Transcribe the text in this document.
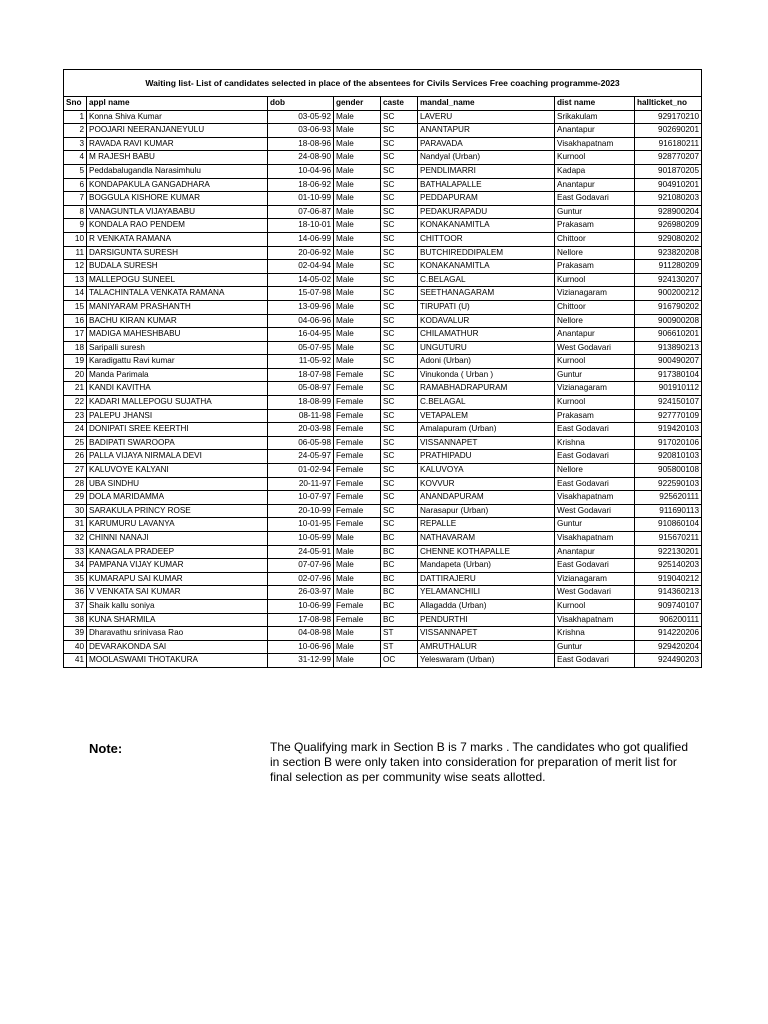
Waiting list- List of candidates selected in place of the absentees for Civils Services Free coaching programme-2023							
Sno	appl name	dob	gender	caste	mandal_name	dist name	hallticket_no
1	Konna Shiva Kumar	03-05-92	Male	SC	LAVERU	Srikakulam	929170210
2	POOJARI NEERANJANEYULU	03-06-93	Male	SC	ANANTAPUR	Anantapur	902690201
3	RAVADA RAVI KUMAR	18-08-96	Male	SC	PARAVADA	Visakhapatnam	916180211
4	M RAJESH BABU	24-08-90	Male	SC	Nandyal (Urban)	Kurnool	928770207
5	Peddabalugandla Narasimhulu	10-04-96	Male	SC	PENDLIMARRI	Kadapa	901870205
6	KONDAPAKULA GANGADHARA	18-06-92	Male	SC	BATHALAPALLE	Anantapur	904910201
7	BOGGULA KISHORE KUMAR	01-10-99	Male	SC	PEDDAPURAM	East Godavari	921080203
8	VANAGUNTLA VIJAYABABU	07-06-87	Male	SC	PEDAKURAPADU	Guntur	928900204
9	KONDALA RAO PENDEM	18-10-01	Male	SC	KONAKANAMITLA	Prakasam	926980209
10	R VENKATA RAMANA	14-06-99	Male	SC	CHITTOOR	Chittoor	929080202
11	DARSIGUNTA SURESH	20-06-92	Male	SC	BUTCHIREDDIPALEM	Nellore	923820208
12	BUDALA SURESH	02-04-94	Male	SC	KONAKANAMITLA	Prakasam	911280209
13	MALLEPOGU SUNEEL	14-05-02	Male	SC	C.BELAGAL	Kurnool	924130207
14	TALACHINTALA VENKATA RAMANA	15-07-98	Male	SC	SEETHANAGARAM	Vizianagaram	900200212
15	MANIYARAM PRASHANTH	13-09-96	Male	SC	TIRUPATI (U)	Chittoor	916790202
16	BACHU KIRAN KUMAR	04-06-96	Male	SC	KODAVALUR	Nellore	900900208
17	MADIGA MAHESHBABU	16-04-95	Male	SC	CHILAMATHUR	Anantapur	906610201
18	Saripalli suresh	05-07-95	Male	SC	UNGUTURU	West Godavari	913890213
19	Karadigattu Ravi kumar	11-05-92	Male	SC	Adoni (Urban)	Kurnool	900490207
20	Manda Parimala	18-07-98	Female	SC	Vinukonda ( Urban )	Guntur	917380104
21	KANDI KAVITHA	05-08-97	Female	SC	RAMABHADRAPURAM	Vizianagaram	901910112
22	KADARI MALLEPOGU SUJATHA	18-08-99	Female	SC	C.BELAGAL	Kurnool	924150107
23	PALEPU JHANSI	08-11-98	Female	SC	VETAPALEM	Prakasam	927770109
24	DONIPATI SREE KEERTHI	20-03-98	Female	SC	Amalapuram (Urban)	East Godavari	919420103
25	BADIPATI SWAROOPA	06-05-98	Female	SC	VISSANNAPET	Krishna	917020106
26	PALLA VIJAYA NIRMALA DEVI	24-05-97	Female	SC	PRATHIPADU	East Godavari	920810103
27	KALUVOYE KALYANI	01-02-94	Female	SC	KALUVOYA	Nellore	905800108
28	UBA SINDHU	20-11-97	Female	SC	KOVVUR	East Godavari	922590103
29	DOLA MARIDAMMA	10-07-97	Female	SC	ANANDAPURAM	Visakhapatnam	925620111
30	SARAKULA PRINCY ROSE	20-10-99	Female	SC	Narasapur (Urban)	West Godavari	911690113
31	KARUMURU LAVANYA	10-01-95	Female	SC	REPALLE	Guntur	910860104
32	CHINNI NANAJI	10-05-99	Male	BC	NATHAVARAM	Visakhapatnam	915670211
33	KANAGALA PRADEEP	24-05-91	Male	BC	CHENNE KOTHAPALLE	Anantapur	922130201
34	PAMPANA VIJAY KUMAR	07-07-96	Male	BC	Mandapeta (Urban)	East Godavari	925140203
35	KUMARAPU SAI KUMAR	02-07-96	Male	BC	DATTIRAJERU	Vizianagaram	919040212
36	V VENKATA SAI KUMAR	26-03-97	Male	BC	YELAMANCHILI	West Godavari	914360213
37	Shaik kallu soniya	10-06-99	Female	BC	Allagadda (Urban)	Kurnool	909740107
38	KUNA SHARMILA	17-08-98	Female	BC	PENDURTHI	Visakhapatnam	906200111
39	Dharavathu srinivasa Rao	04-08-98	Male	ST	VISSANNAPET	Krishna	914220206
40	DEVARAKONDA SAI	10-06-96	Male	ST	AMRUTHALUR	Guntur	929420204
41	MOOLASWAMI THOTAKURA	31-12-99	Male	OC	Yeleswaram (Urban)	East Godavari	924490203
Note:	The Qualifying mark in Section B is 7 marks . The candidates who got qualified in section B were only taken into consideration for preparation of merit list for final selection as per community wise seats allotted.
